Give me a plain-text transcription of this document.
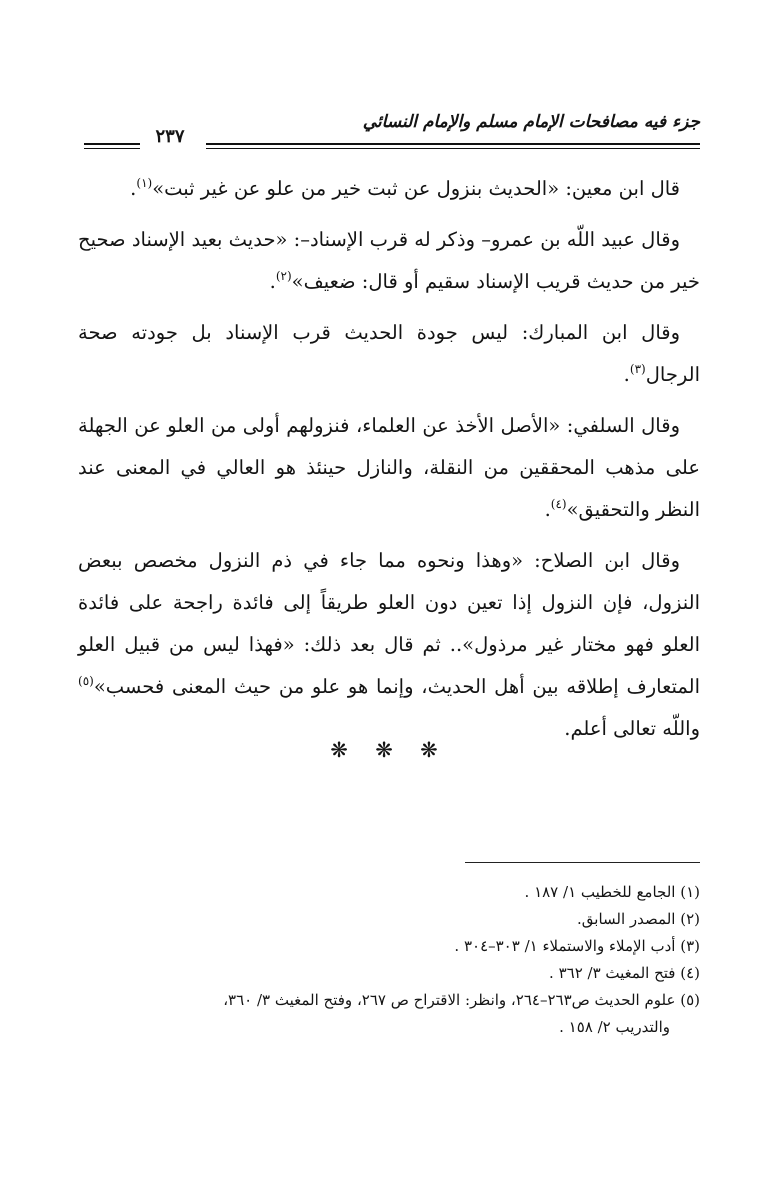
جزء فيه مصافحات الإمام مسلم والإمام النسائي
٢٣٧

قال ابن معين: «الحديث بنزول عن ثبت خير من علو عن غير ثبت»$^{(١)}$.

وقال عبيد اللّه بن عمرو– وذكر له قرب الإسناد–: «حديث بعيد الإسناد صحيح خير من حديث قريب الإسناد سقيم أو قال: ضعيف»$^{(٢)}$.

وقال ابن المبارك: ليس جودة الحديث قرب الإسناد بل جودته صحة الرجال$^{(٣)}$.

وقال السلفي: «الأصل الأخذ عن العلماء، فنزولهم أولى من العلو عن الجهلة على مذهب المحققين من النقلة، والنازل حينئذ هو العالي في المعنى عند النظر والتحقيق»$^{(٤)}$.

وقال ابن الصلاح: «وهذا ونحوه مما جاء في ذم النزول مخصص ببعض النزول، فإن النزول إذا تعين دون العلو طريقاً إلى فائدة راجحة على فائدة العلو فهو مختار غير مرذول».. ثم قال بعد ذلك: «فهذا ليس من قبيل العلو المتعارف إطلاقه بين أهل الحديث، وإنما هو علو من حيث المعنى فحسب»$^{(٥)}$ واللّه تعالى أعلم.

❋ ❋ ❋

(١) الجامع للخطيب ١/ ١٨٧ .

(٢) المصدر السابق.

(٣) أدب الإملاء والاستملاء ١/ ٣٠٣–٣٠٤ .

(٤) فتح المغيث ٣/ ٣٦٢ .

(٥) علوم الحديث ص٢٦٣–٢٦٤، وانظر: الاقتراح ص ٢٦٧، وفتح المغيث ٣/ ٣٦٠،

والتدريب ٢/ ١٥٨ .
